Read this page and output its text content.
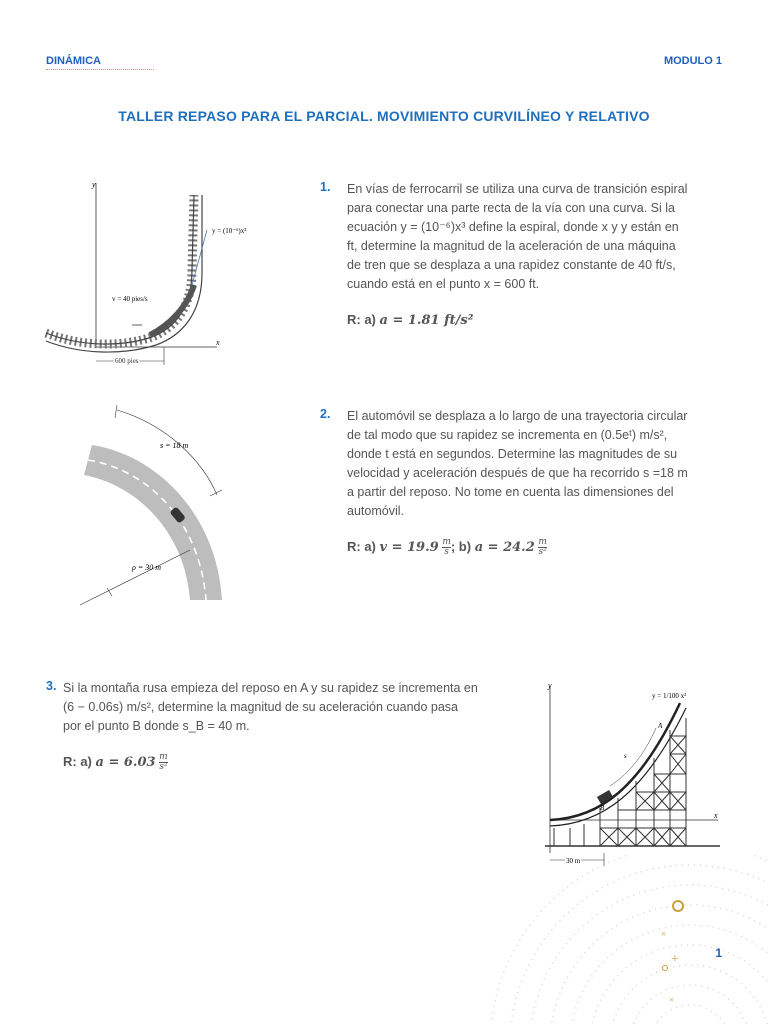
DINÁMICA	MODULO 1
TALLER REPASO PARA EL PARCIAL. MOVIMIENTO CURVILÍNEO Y RELATIVO
y
x
y = (10⁻⁶)x³
v = 40 pies/s
600 pies
1. En vías de ferrocarril se utiliza una curva de transición espiral
para conectar una parte recta de la vía con una curva. Si la
ecuación y = (10⁻⁶)x³ define la espiral, donde x y y están en
ft, determine la magnitud de la aceleración de una máquina
de tren que se desplaza a una rapidez constante de 40 ft/s,
cuando está en el punto x = 600 ft.
R: a) a = 1.81 ft/s²
s = 18 m
ρ = 30 m
2. El automóvil se desplaza a lo largo de una trayectoria circular
de tal modo que su rapidez se incrementa en (0.5eᵗ) m/s²,
donde t está en segundos. Determine las magnitudes de su
velocidad y aceleración después de que ha recorrido s =18 m
a partir del reposo. No tome en cuenta las dimensiones del
automóvil.
R: a) $v = 19.9 \frac{m}{s}$ ; b) $a = 24.2 \frac{m}{\text{s²}}$
3. Si la montaña rusa empieza del reposo en A y su rapidez se incrementa en
(6 − 0.06s) m/s², determine la magnitud de su aceleración cuando pasa
por el punto B donde s_B = 40 m.
R: a) $a = 6.03 \frac{m}{\text{s²}}$
y
x
B
A
s
y = 1/100 x²
30 m
×
+
×
1
